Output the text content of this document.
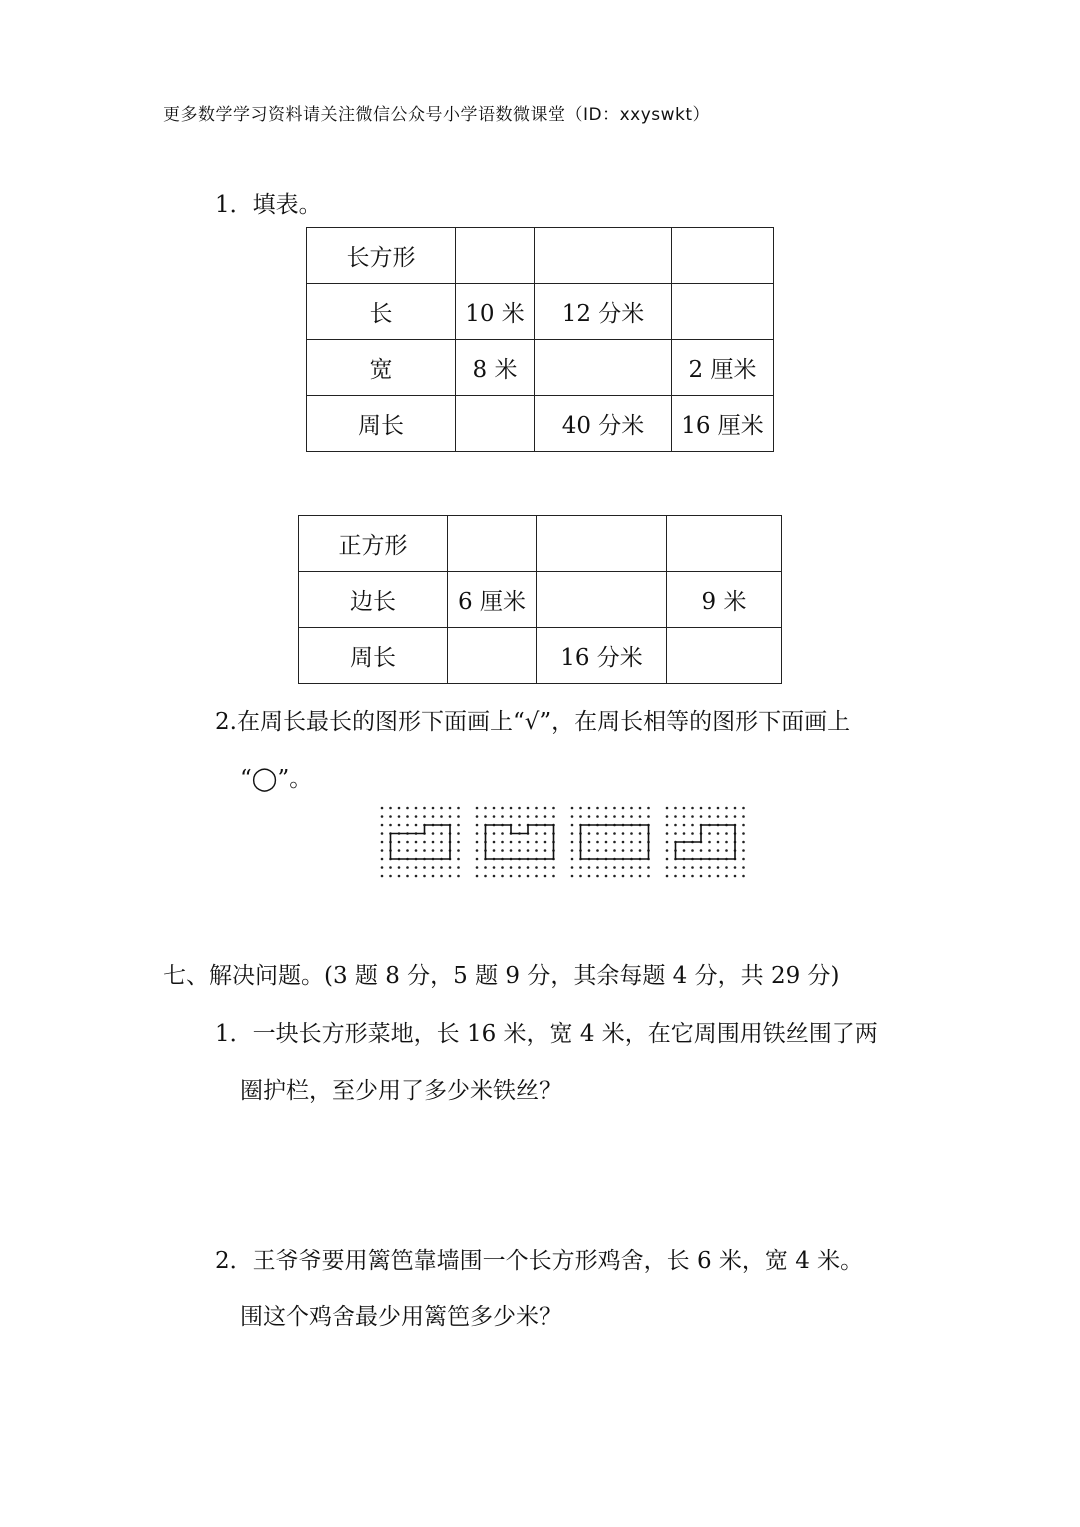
更多数学学习资料请关注微信公众号小学语数微课堂（ID：xxyswkt）
1．填表。
长方形			
长	10 米	12 分米	
宽	8 米		2 厘米
周长		40 分米	16 厘米
正方形			
边长	6 厘米		9 米
周长		16 分米	
2.在周长最长的图形下面画上“√”，在周长相等的图形下面画上
“◯”。
七、解决问题。(3 题 8 分，5 题 9 分，其余每题 4 分，共 29 分)
1．一块长方形菜地，长 16 米，宽 4 米，在它周围用铁丝围了两
圈护栏，至少用了多少米铁丝？
2．王爷爷要用篱笆靠墙围一个长方形鸡舍，长 6 米，宽 4 米。
围这个鸡舍最少用篱笆多少米？
